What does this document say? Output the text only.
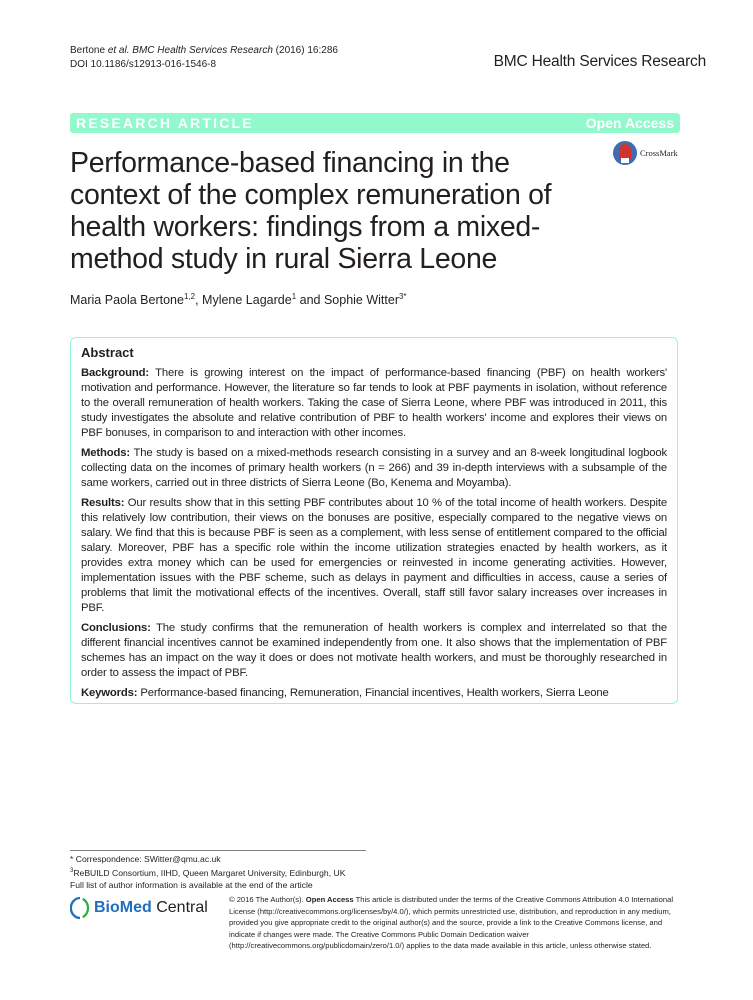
Bertone et al. BMC Health Services Research (2016) 16:286
DOI 10.1186/s12913-016-1546-8	BMC Health Services Research
RESEARCH ARTICLE	Open Access
CrossMark
Performance-based financing in the context of the complex remuneration of health workers: findings from a mixed-method study in rural Sierra Leone
Maria Paola Bertone$^{1,2}$, Mylene Lagarde$^1$ and Sophie Witter$^{3*}$
Abstract

Background: There is growing interest on the impact of performance-based financing (PBF) on health workers' motivation and performance. However, the literature so far tends to look at PBF payments in isolation, without reference to the overall remuneration of health workers. Taking the case of Sierra Leone, where PBF was introduced in 2011, this study investigates the absolute and relative contribution of PBF to health workers' income and explores their views on PBF bonuses, in comparison to and interaction with other incomes.

Methods: The study is based on a mixed-methods research consisting in a survey and an 8-week longitudinal logbook collecting data on the incomes of primary health workers (n = 266) and 39 in-depth interviews with a subsample of the same workers, carried out in three districts of Sierra Leone (Bo, Kenema and Moyamba).

Results: Our results show that in this setting PBF contributes about 10 % of the total income of health workers. Despite this relatively low contribution, their views on the bonuses are positive, especially compared to the negative views on salary. We find that this is because PBF is seen as a complement, with less sense of entitlement compared to the official salary. Moreover, PBF has a specific role within the income utilization strategies enacted by health workers, as it provides extra money which can be used for emergencies or reinvested in income generating activities. However, implementation issues with the PBF scheme, such as delays in payment and difficulties in access, cause a series of problems that limit the motivational effects of the incentives. Overall, staff still favor salary increases over increases in PBF.

Conclusions: The study confirms that the remuneration of health workers is complex and interrelated so that the different financial incentives cannot be examined independently from one. It also shows that the implementation of PBF schemes has an impact on the way it does or does not motivate health workers, and must be thoroughly researched in order to assess the impact of PBF.

Keywords: Performance-based financing, Remuneration, Financial incentives, Health workers, Sierra Leone

* Correspondence: SWitter@qmu.ac.uk
$^3$ReBUILD Consortium, IIHD, Queen Margaret University, Edinburgh, UK
Full list of author information is available at the end of the article
BioMed Central	© 2016 The Author(s). Open Access This article is distributed under the terms of the Creative Commons Attribution 4.0 International License (http://creativecommons.org/licenses/by/4.0/), which permits unrestricted use, distribution, and reproduction in any medium, provided you give appropriate credit to the original author(s) and the source, provide a link to the Creative Commons license, and indicate if changes were made. The Creative Commons Public Domain Dedication waiver (http://creativecommons.org/publicdomain/zero/1.0/) applies to the data made available in this article, unless otherwise stated.
